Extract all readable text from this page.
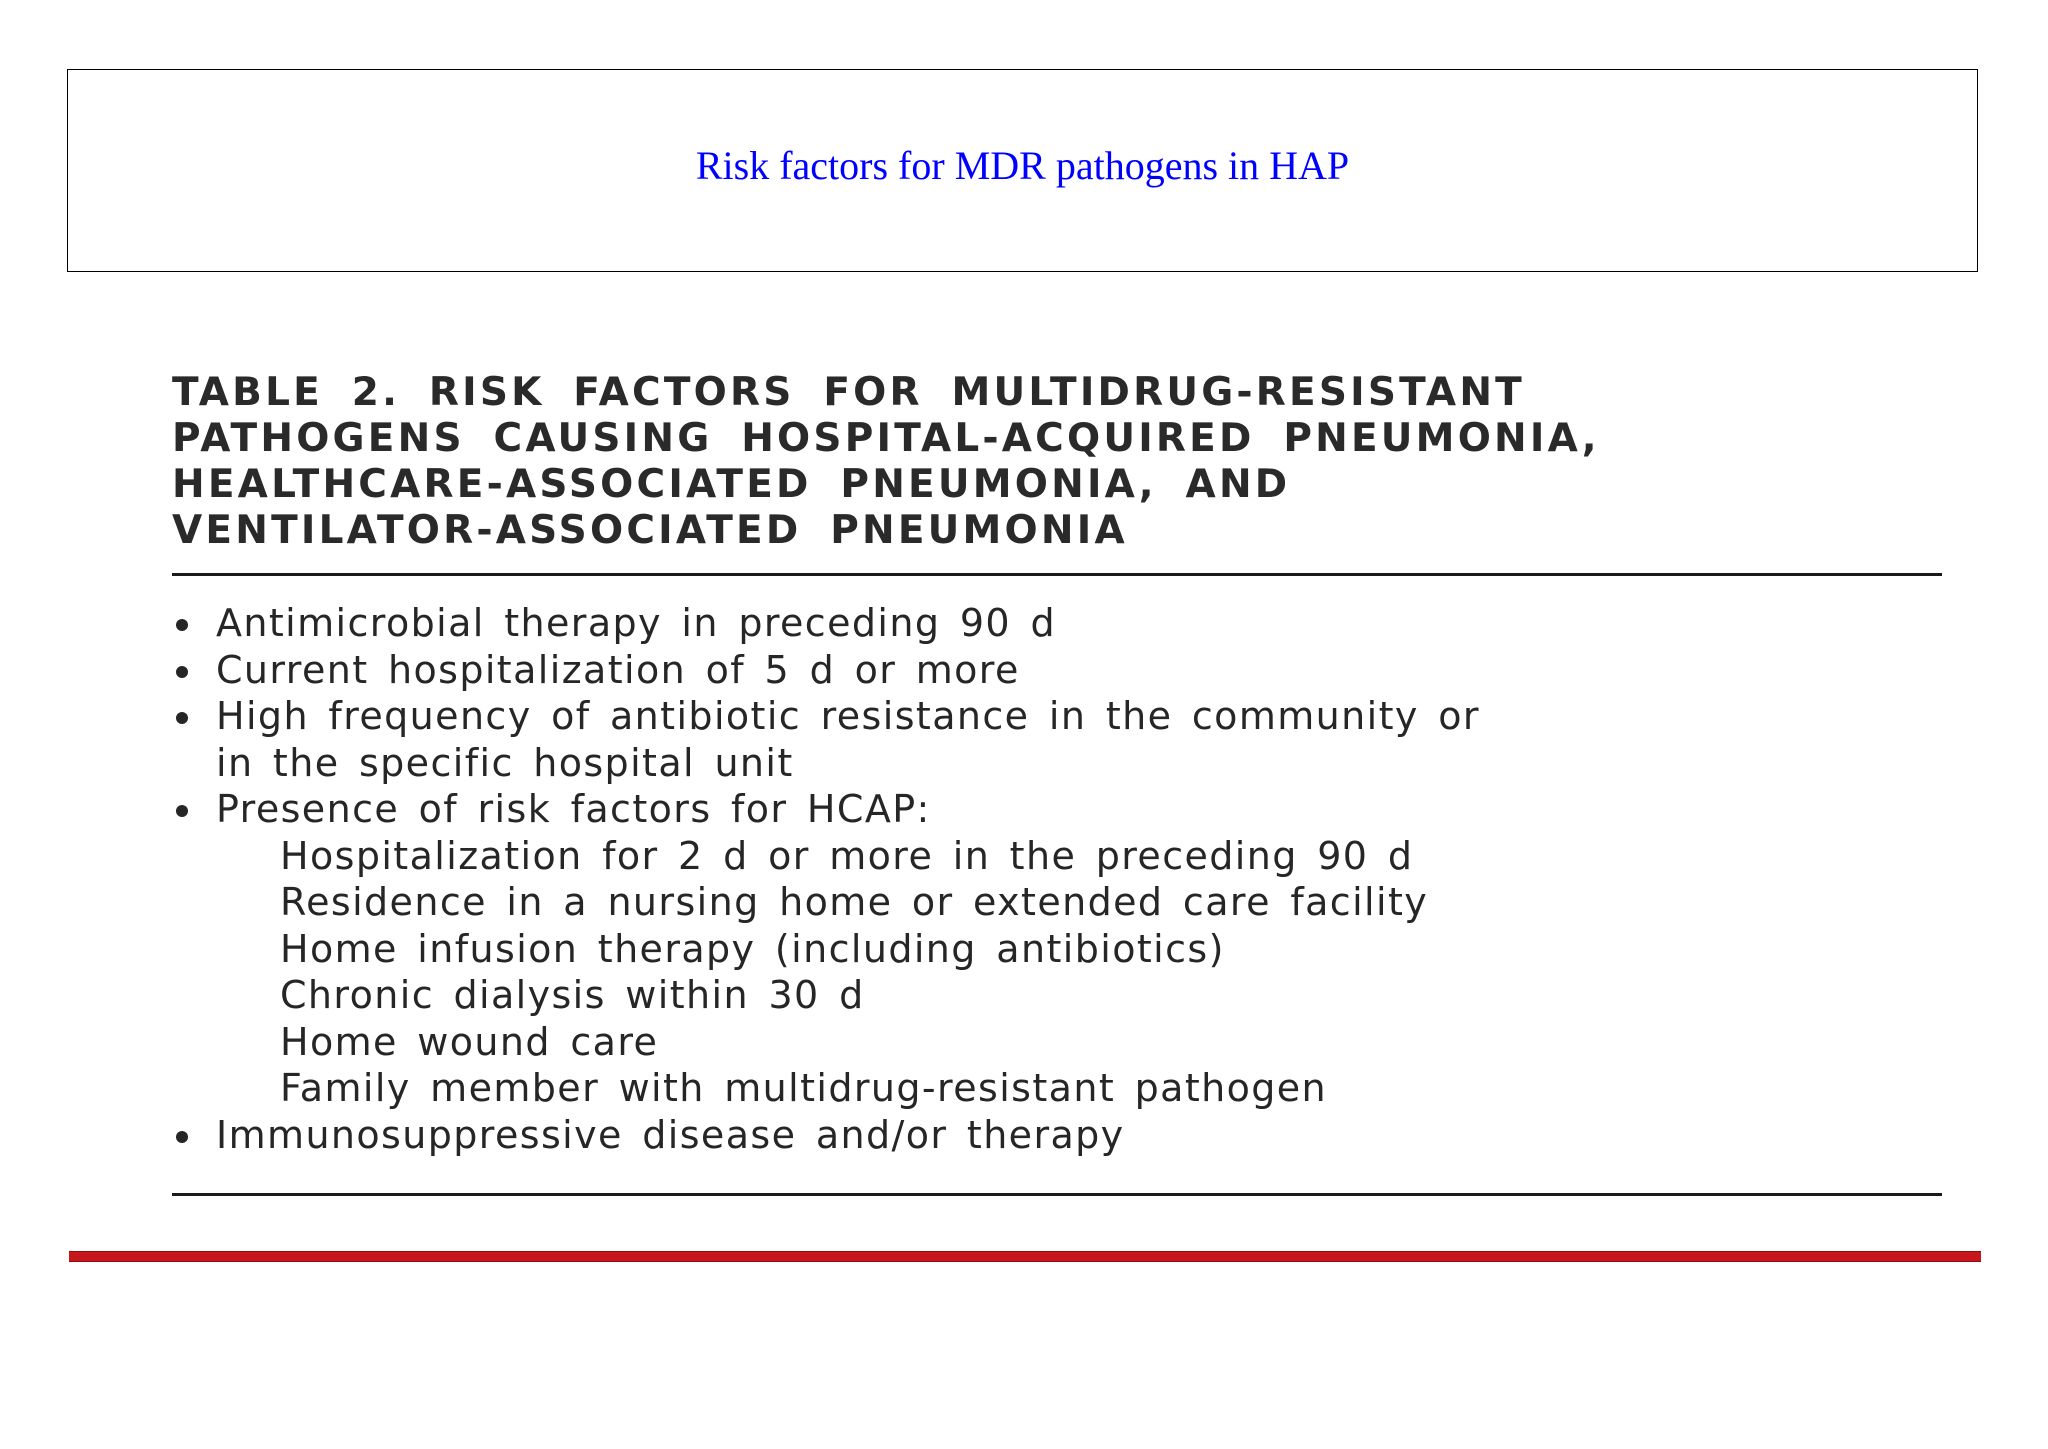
Risk factors for MDR pathogens in HAP
TABLE 2. RISK FACTORS FOR MULTIDRUG-RESISTANT
PATHOGENS CAUSING HOSPITAL-ACQUIRED PNEUMONIA,
HEALTHCARE-ASSOCIATED PNEUMONIA, AND
VENTILATOR-ASSOCIATED PNEUMONIA
Antimicrobial therapy in preceding 90 d
Current hospitalization of 5 d or more
High frequency of antibiotic resistance in the community or
in the specific hospital unit
Presence of risk factors for HCAP:
Hospitalization for 2 d or more in the preceding 90 d
Residence in a nursing home or extended care facility
Home infusion therapy (including antibiotics)
Chronic dialysis within 30 d
Home wound care
Family member with multidrug-resistant pathogen
Immunosuppressive disease and/or therapy
